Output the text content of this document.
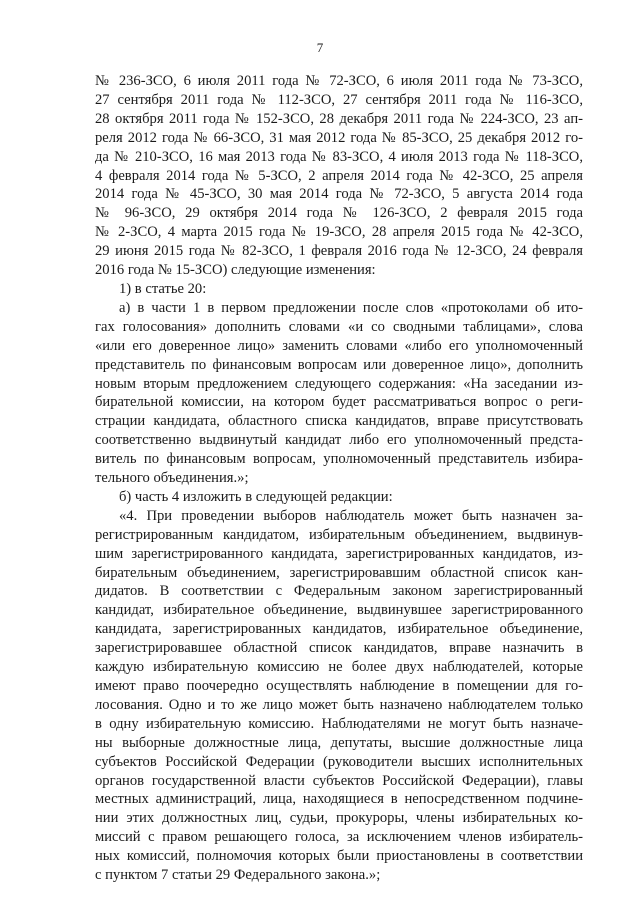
7
№ 236-ЗСО, 6 июля 2011 года № 72-ЗСО, 6 июля 2011 года № 73-ЗСО,
27 сентября 2011 года № 112-ЗСО, 27 сентября 2011 года № 116-ЗСО,
28 октября 2011 года № 152-ЗСО, 28 декабря 2011 года № 224-ЗСО, 23 ап-
реля 2012 года № 66-ЗСО, 31 мая 2012 года № 85-ЗСО, 25 декабря 2012 го-
да № 210-ЗСО, 16 мая 2013 года № 83-ЗСО, 4 июля 2013 года № 118-ЗСО,
4 февраля 2014 года № 5-ЗСО, 2 апреля 2014 года № 42-ЗСО, 25 апреля
2014 года № 45-ЗСО, 30 мая 2014 года № 72-ЗСО, 5 августа 2014 года
№ 96-ЗСО, 29 октября 2014 года № 126-ЗСО, 2 февраля 2015 года
№ 2-ЗСО, 4 марта 2015 года № 19-ЗСО, 28 апреля 2015 года № 42-ЗСО,
29 июня 2015 года № 82-ЗСО, 1 февраля 2016 года № 12-ЗСО, 24 февраля
2016 года № 15-ЗСО) следующие изменения:
1) в статье 20:
а) в части 1 в первом предложении после слов «протоколами об ито-
гах голосования» дополнить словами «и со сводными таблицами», слова
«или его доверенное лицо» заменить словами «либо его уполномоченный
представитель по финансовым вопросам или доверенное лицо», дополнить
новым вторым предложением следующего содержания: «На заседании из-
бирательной комиссии, на котором будет рассматриваться вопрос о реги-
страции кандидата, областного списка кандидатов, вправе присутствовать
соответственно выдвинутый кандидат либо его уполномоченный предста-
витель по финансовым вопросам, уполномоченный представитель избира-
тельного объединения.»;
б) часть 4 изложить в следующей редакции:
«4. При проведении выборов наблюдатель может быть назначен за-
регистрированным кандидатом, избирательным объединением, выдвинув-
шим зарегистрированного кандидата, зарегистрированных кандидатов, из-
бирательным объединением, зарегистрировавшим областной список кан-
дидатов. В соответствии с Федеральным законом зарегистрированный
кандидат, избирательное объединение, выдвинувшее зарегистрированного
кандидата, зарегистрированных кандидатов, избирательное объединение,
зарегистрировавшее областной список кандидатов, вправе назначить в
каждую избирательную комиссию не более двух наблюдателей, которые
имеют право поочередно осуществлять наблюдение в помещении для го-
лосования. Одно и то же лицо может быть назначено наблюдателем только
в одну избирательную комиссию. Наблюдателями не могут быть назначе-
ны выборные должностные лица, депутаты, высшие должностные лица
субъектов Российской Федерации (руководители высших исполнительных
органов государственной власти субъектов Российской Федерации), главы
местных администраций, лица, находящиеся в непосредственном подчине-
нии этих должностных лиц, судьи, прокуроры, члены избирательных ко-
миссий с правом решающего голоса, за исключением членов избиратель-
ных комиссий, полномочия которых были приостановлены в соответствии
с пунктом 7 статьи 29 Федерального закона.»;
